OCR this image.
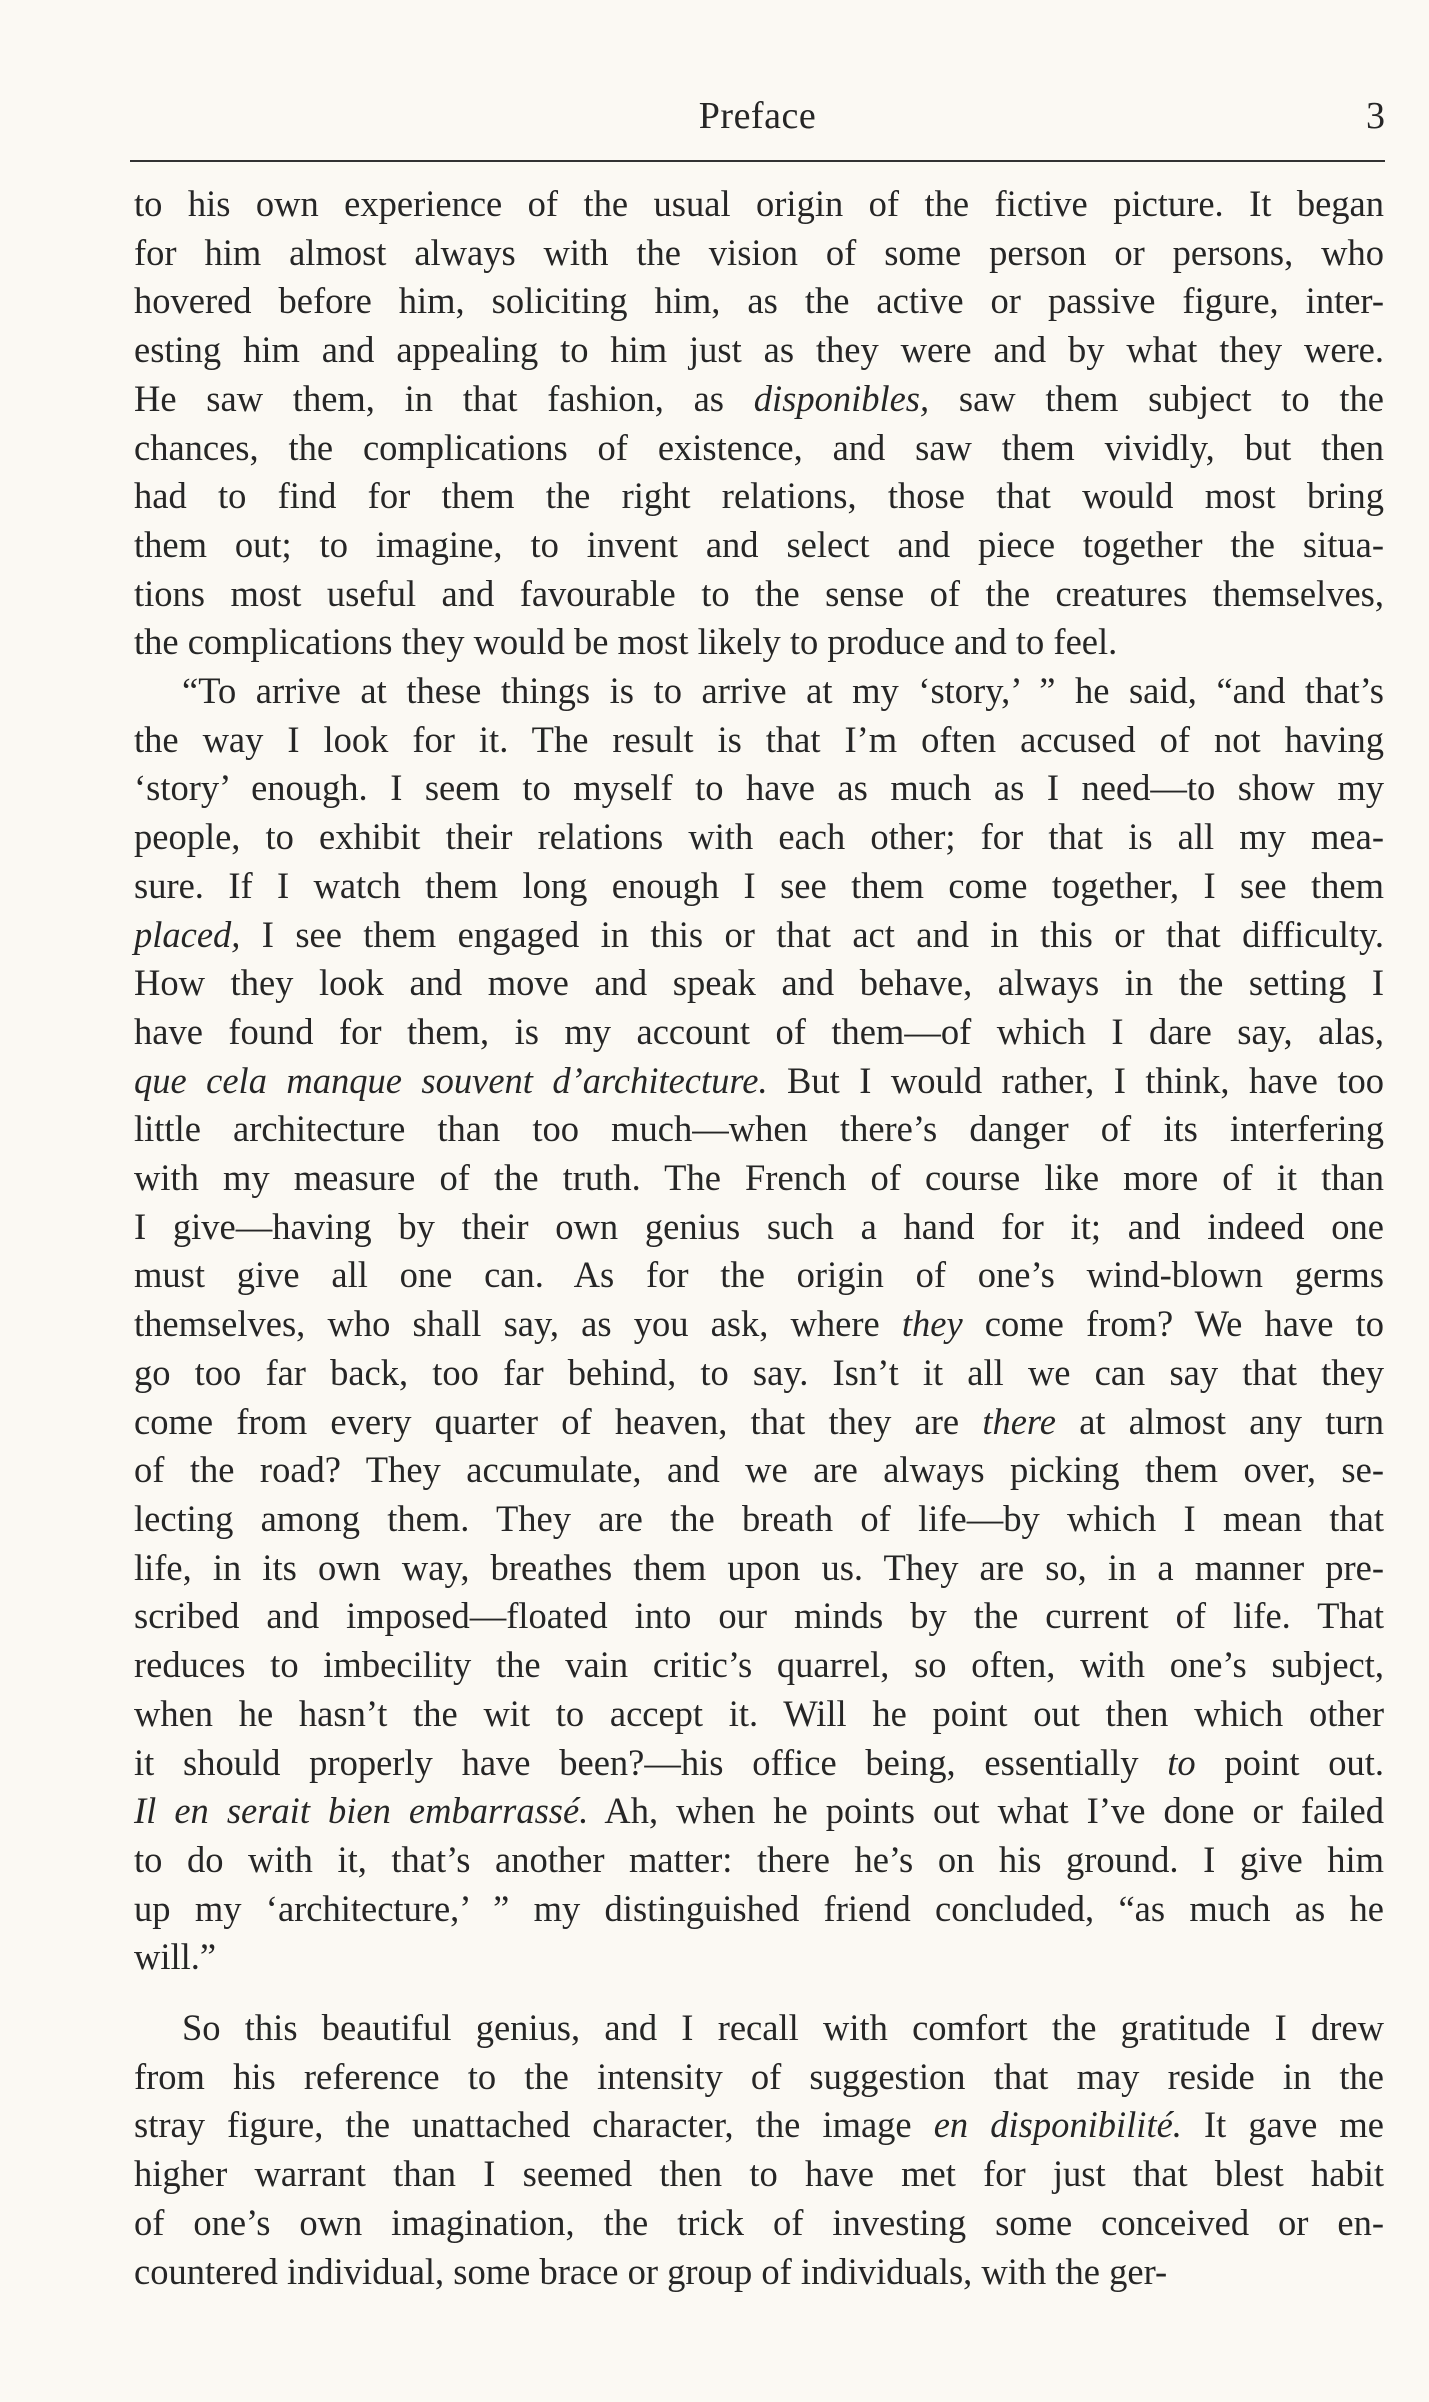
Preface	3
to his own experience of the usual origin of the fictive picture. It began
for him almost always with the vision of some person or persons, who
hovered before him, soliciting him, as the active or passive figure, inter-
esting him and appealing to him just as they were and by what they were.
He saw them, in that fashion, as disponibles, saw them subject to the
chances, the complications of existence, and saw them vividly, but then
had to find for them the right relations, those that would most bring
them out; to imagine, to invent and select and piece together the situa-
tions most useful and favourable to the sense of the creatures themselves,
the complications they would be most likely to produce and to feel.
“To arrive at these things is to arrive at my ‘story,’ ” he said, “and that’s
the way I look for it. The result is that I’m often accused of not having
‘story’ enough. I seem to myself to have as much as I need—to show my
people, to exhibit their relations with each other; for that is all my mea-
sure. If I watch them long enough I see them come together, I see them
placed, I see them engaged in this or that act and in this or that difficulty.
How they look and move and speak and behave, always in the setting I
have found for them, is my account of them—of which I dare say, alas,
que cela manque souvent d’architecture. But I would rather, I think, have too
little architecture than too much—when there’s danger of its interfering
with my measure of the truth. The French of course like more of it than
I give—having by their own genius such a hand for it; and indeed one
must give all one can. As for the origin of one’s wind-blown germs
themselves, who shall say, as you ask, where they come from? We have to
go too far back, too far behind, to say. Isn’t it all we can say that they
come from every quarter of heaven, that they are there at almost any turn
of the road? They accumulate, and we are always picking them over, se-
lecting among them. They are the breath of life—by which I mean that
life, in its own way, breathes them upon us. They are so, in a manner pre-
scribed and imposed—floated into our minds by the current of life. That
reduces to imbecility the vain critic’s quarrel, so often, with one’s subject,
when he hasn’t the wit to accept it. Will he point out then which other
it should properly have been?—his office being, essentially to point out.
Il en serait bien embarrassé. Ah, when he points out what I’ve done or failed
to do with it, that’s another matter: there he’s on his ground. I give him
up my ‘architecture,’ ” my distinguished friend concluded, “as much as he
will.”
So this beautiful genius, and I recall with comfort the gratitude I drew
from his reference to the intensity of suggestion that may reside in the
stray figure, the unattached character, the image en disponibilité. It gave me
higher warrant than I seemed then to have met for just that blest habit
of one’s own imagination, the trick of investing some conceived or en-
countered individual, some brace or group of individuals, with the ger-
